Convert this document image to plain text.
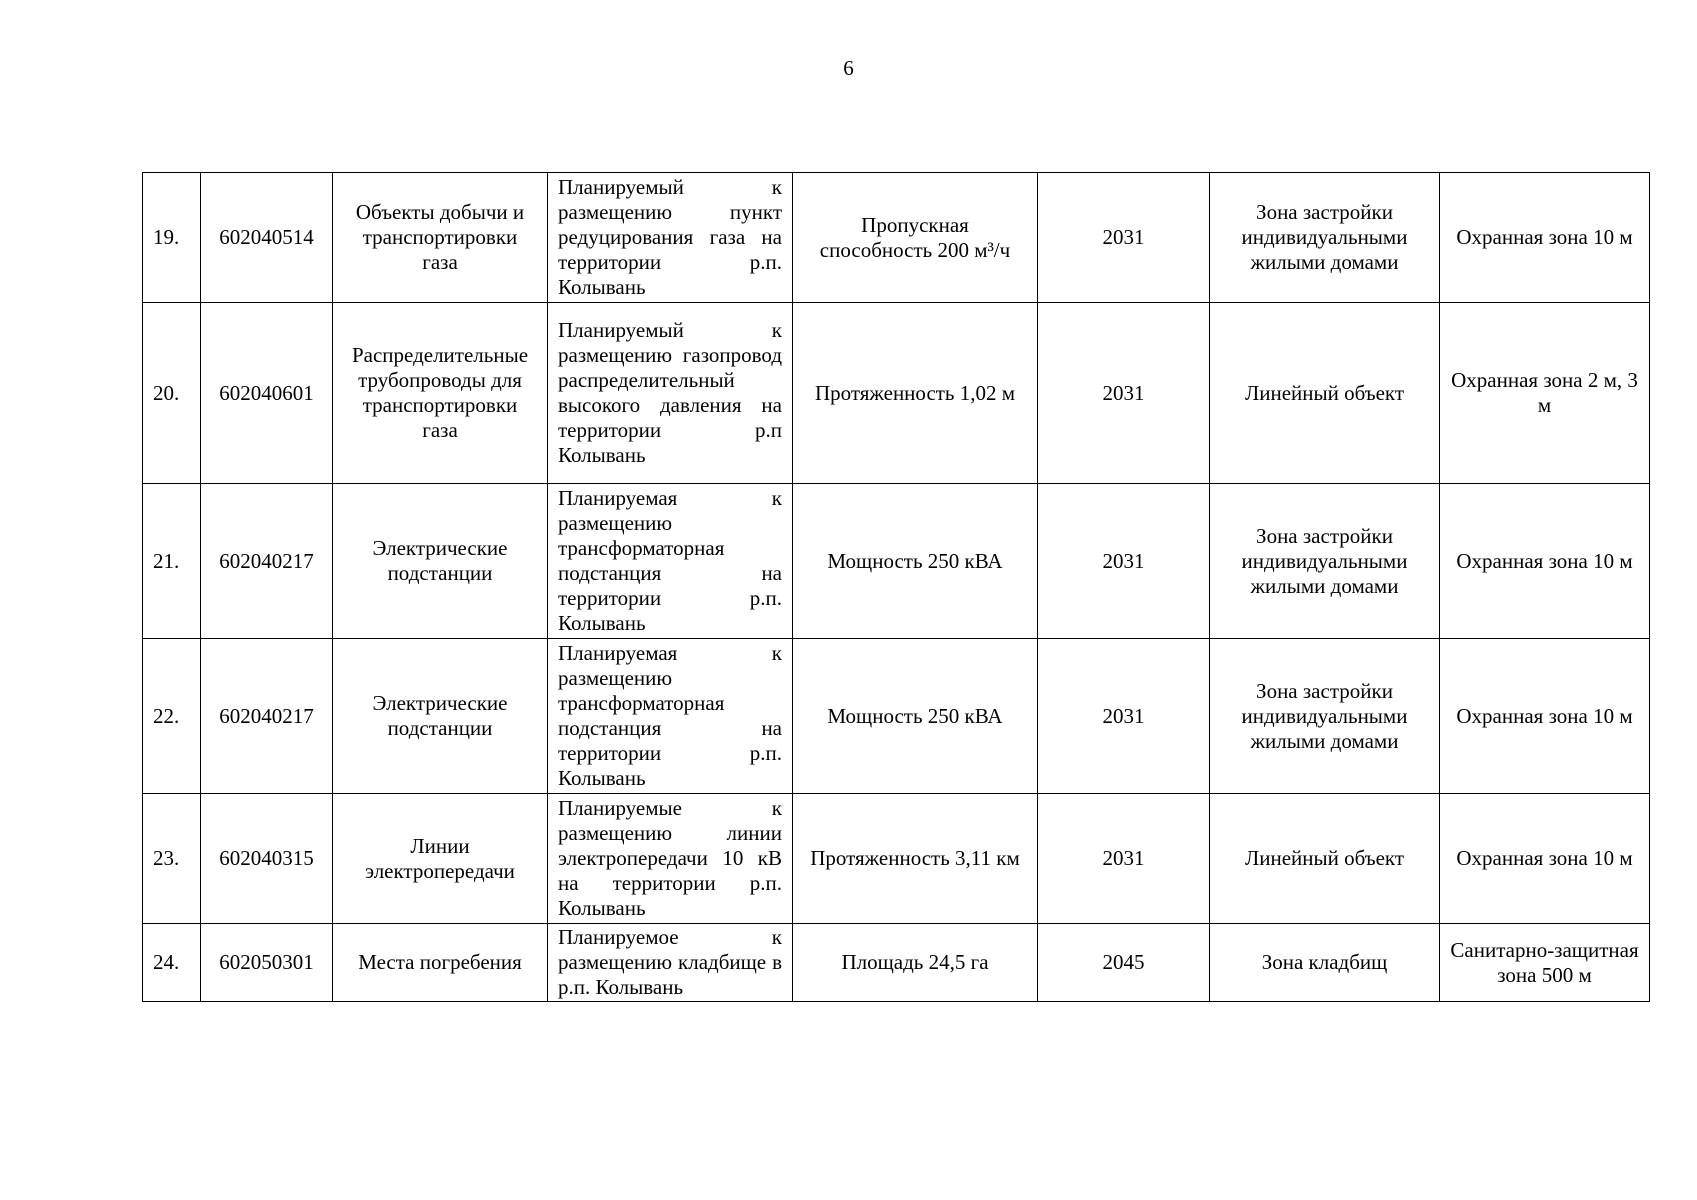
6
19.	602040514	Объекты добычи и транспортировки газа	Планируемый к размещению пункт редуцирования газа на территории р.п. Колывань	Пропускная способность 200 м³/ч	2031	Зона застройки индивидуальными жилыми домами	Охранная зона 10 м
20.	602040601	Распределительные трубопроводы для транспортировки газа	Планируемый к размещению газопровод распределительный высокого давления на территории р.п Колывань	Протяженность 1,02 м	2031	Линейный объект	Охранная зона 2 м, 3 м
21.	602040217	Электрические подстанции	Планируемая к размещению трансформаторная подстанция на территории р.п. Колывань	Мощность 250 кВА	2031	Зона застройки индивидуальными жилыми домами	Охранная зона 10 м
22.	602040217	Электрические подстанции	Планируемая к размещению трансформаторная подстанция на территории р.п. Колывань	Мощность 250 кВА	2031	Зона застройки индивидуальными жилыми домами	Охранная зона 10 м
23.	602040315	Линии электропередачи	Планируемые к размещению линии электропередачи 10 кВ на территории р.п. Колывань	Протяженность 3,11 км	2031	Линейный объект	Охранная зона 10 м
24.	602050301	Места погребения	Планируемое к размещению кладбище в р.п. Колывань	Площадь 24,5 га	2045	Зона кладбищ	Санитарно-защитная зона 500 м
